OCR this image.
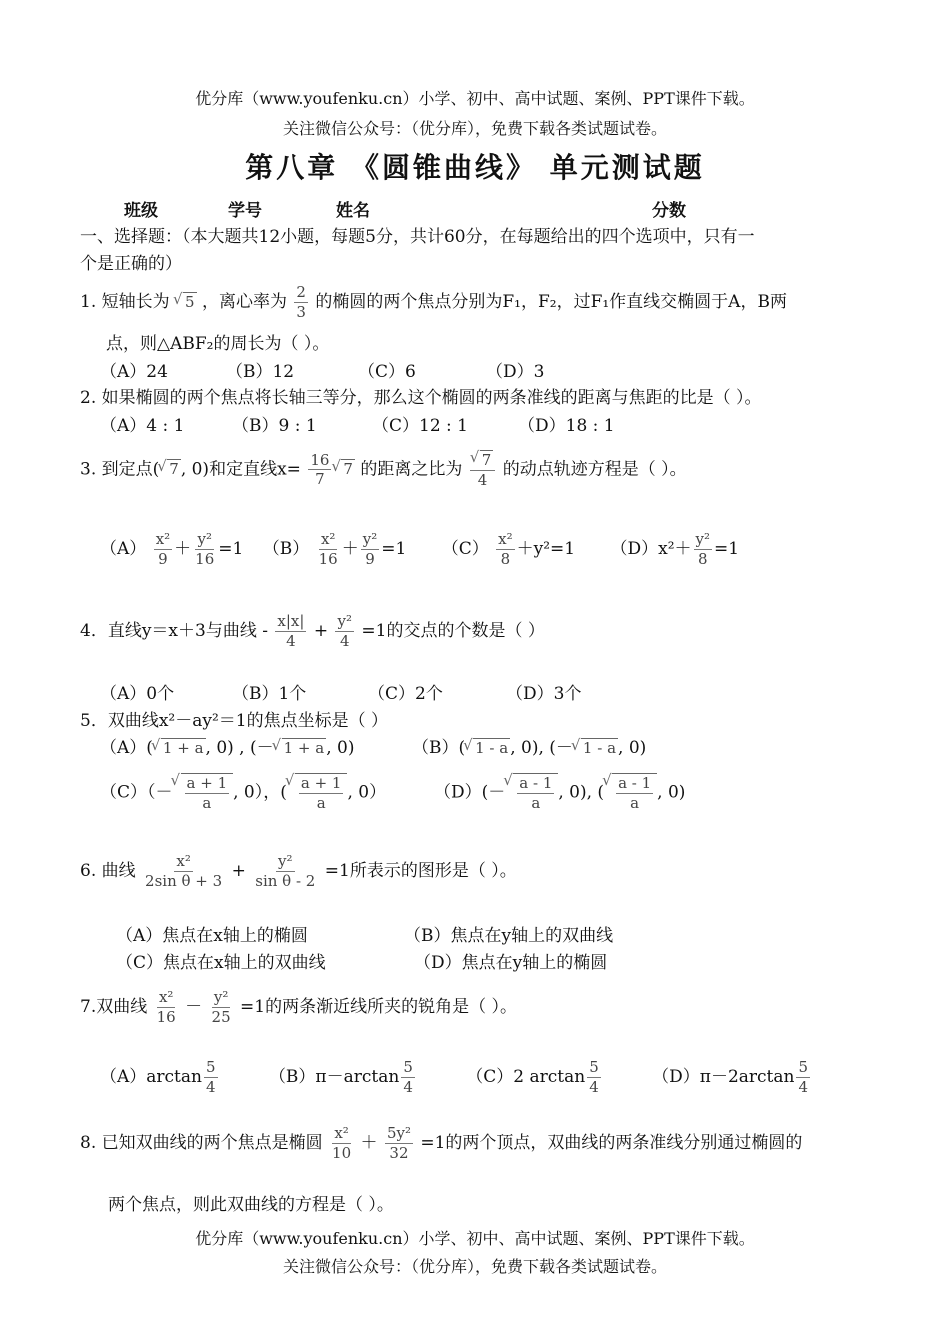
优分库（www.youfenku.cn）小学、初中、高中试题、案例、PPT课件下载。
关注微信公众号：（优分库），免费下载各类试题试卷。
第八章 《圆锥曲线》 单元测试题
班级	学号	姓名	分数
一、选择题：（本大题共12小题，每题5分，共计60分，在每题给出的四个选项中，只有一
个是正确的）
1. 短轴长为 √ 5 ，离心率为 $\frac{2}{3}$ 的椭圆的两个焦点分别为F₁，F₂，过F₁作直线交椭圆于A，B两
点，则△ABF₂的周长为（ ）。
（A）24	（B）12	（C）6	（D）3
2. 如果椭圆的两个焦点将长轴三等分，那么这个椭圆的两条准线的距离与焦距的比是（ ）。
（A）4 : 1	（B）9 : 1	（C）12 : 1	（D）18 : 1
3. 到定点( √ 7 , 0)和定直线$x= \frac{16}{7}$ √ 7 的距离之比为 √ $\frac{7}{4}$ 的动点轨迹方程是（ ）。
$(A) \frac{\text{x²}}{9} + \frac{\text{y²}}{16} =1$ $(B) \frac{\text{x²}}{16} + \frac{\text{y²}}{9} =1$ $(C) \frac{\text{x²}}{8} +y^2=1$ $(D)x^2+ \frac{\text{y²}}{8} =1$
4．直线y＝x＋3与曲线 - $\frac{x|x|}{4} + \frac{\text{y²}}{4} =1$的交点的个数是（ ）
（A）0个	（B）1个	（C）2个	（D）3个
5．双曲线x²－ay²＝1的焦点坐标是（ ）
（A）( √ 1 + a , 0) , (－ √ 1 + a , 0)	（B）( √ 1 - a , 0), (－ √ 1 - a , 0)
（C）（－ √ $\frac{a + 1}{a}$ , 0），( √ $\frac{a + 1}{a}$ , 0）	（D）(－ √ $\frac{a - 1}{a}$ , 0), ( √ $\frac{a - 1}{a}$ , 0)
6. 曲线 $\frac{\text{x²}}{\text{2sin θ + 3}} + \frac{\text{y²}}{\text{sin θ - 2}} =1$所表示的图形是（ ）。
（A）焦点在x轴上的椭圆	（B）焦点在y轴上的双曲线
（C）焦点在x轴上的双曲线	（D）焦点在y轴上的椭圆
7.双曲线 $\frac{\text{x²}}{16} - \frac{\text{y²}}{25} =1$的两条渐近线所夹的锐角是（ ）。
$(A)\arctan \frac{5}{4}$	$(B)\pi-\arctan \frac{5}{4}$	（C）2 $\arctan \frac{5}{4}$	$(D)\pi-2\arctan \frac{5}{4}$
8. 已知双曲线的两个焦点是椭圆 $\frac{\text{x²}}{10} + \frac{\text{5y²}}{32} =1$的两个顶点，双曲线的两条准线分别通过椭圆的
两个焦点，则此双曲线的方程是（ ）。
优分库（www.youfenku.cn）小学、初中、高中试题、案例、PPT课件下载。
关注微信公众号：（优分库），免费下载各类试题试卷。
